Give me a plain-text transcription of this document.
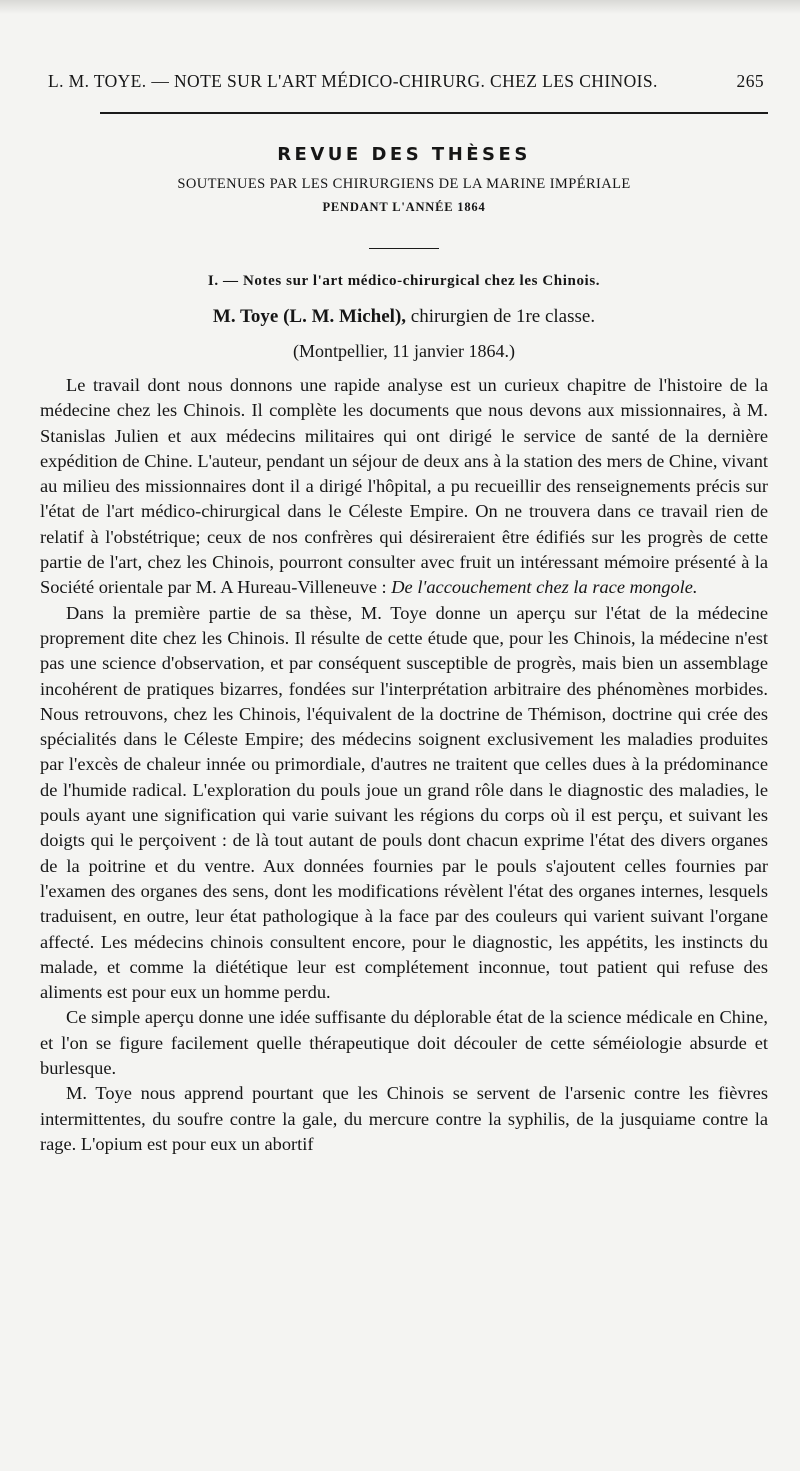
L. M. TOYE. — NOTE SUR L'ART MÉDICO-CHIRURG. CHEZ LES CHINOIS.	265
REVUE DES THÈSES
SOUTENUES PAR LES CHIRURGIENS DE LA MARINE IMPÉRIALE
PENDANT L'ANNÉE 1864
I. — Notes sur l'art médico-chirurgical chez les Chinois.
M. Toye (L. M. Michel), chirurgien de 1re classe.
(Montpellier, 11 janvier 1864.)

Le travail dont nous donnons une rapide analyse est un curieux chapitre de l'histoire de la médecine chez les Chinois. Il complète les documents que nous devons aux missionnaires, à M. Stanislas Julien et aux médecins militaires qui ont dirigé le service de santé de la dernière expédition de Chine. L'auteur, pendant un séjour de deux ans à la station des mers de Chine, vivant au milieu des missionnaires dont il a dirigé l'hôpital, a pu recueillir des renseignements précis sur l'état de l'art médico-chirurgical dans le Céleste Empire. On ne trouvera dans ce travail rien de relatif à l'obstétrique; ceux de nos confrères qui désireraient être édifiés sur les progrès de cette partie de l'art, chez les Chinois, pourront consulter avec fruit un intéressant mémoire présenté à la Société orientale par M. A Hureau-Villeneuve : De l'accouchement chez la race mongole.

Dans la première partie de sa thèse, M. Toye donne un aperçu sur l'état de la médecine proprement dite chez les Chinois. Il résulte de cette étude que, pour les Chinois, la médecine n'est pas une science d'observation, et par conséquent susceptible de progrès, mais bien un assemblage incohérent de pratiques bizarres, fondées sur l'interprétation arbitraire des phénomènes morbides. Nous retrouvons, chez les Chinois, l'équivalent de la doctrine de Thémison, doctrine qui crée des spécialités dans le Céleste Empire; des médecins soignent exclusivement les maladies produites par l'excès de chaleur innée ou primordiale, d'autres ne traitent que celles dues à la prédominance de l'humide radical. L'exploration du pouls joue un grand rôle dans le diagnostic des maladies, le pouls ayant une signification qui varie suivant les régions du corps où il est perçu, et suivant les doigts qui le perçoivent : de là tout autant de pouls dont chacun exprime l'état des divers organes de la poitrine et du ventre. Aux données fournies par le pouls s'ajoutent celles fournies par l'examen des organes des sens, dont les modifications révèlent l'état des organes internes, lesquels traduisent, en outre, leur état pathologique à la face par des couleurs qui varient suivant l'organe affecté. Les médecins chinois consultent encore, pour le diagnostic, les appétits, les instincts du malade, et comme la diététique leur est complétement inconnue, tout patient qui refuse des aliments est pour eux un homme perdu.

Ce simple aperçu donne une idée suffisante du déplorable état de la science médicale en Chine, et l'on se figure facilement quelle thérapeutique doit découler de cette séméiologie absurde et burlesque.

M. Toye nous apprend pourtant que les Chinois se servent de l'arsenic contre les fièvres intermittentes, du soufre contre la gale, du mercure contre la syphilis, de la jusquiame contre la rage. L'opium est pour eux un abortif
